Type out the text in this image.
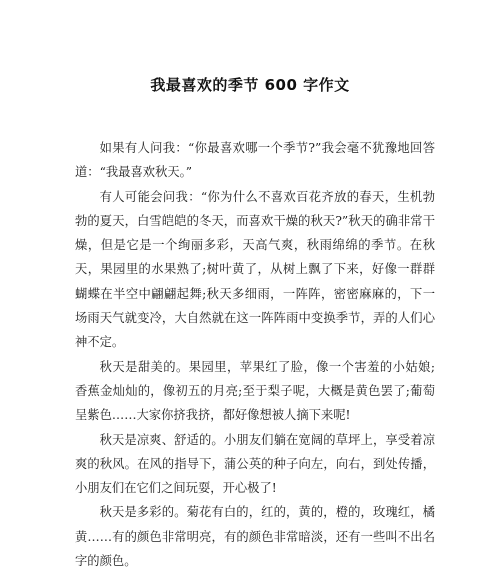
我最喜欢的季节 600 字作文

如果有人问我：“你最喜欢哪一个季节?”我会毫不犹豫地回答道：“我最喜欢秋天。”

有人可能会问我：“你为什么不喜欢百花齐放的春天，生机勃勃的夏天，白雪皑皑的冬天，而喜欢干燥的秋天?”秋天的确非常干燥，但是它是一个绚丽多彩，天高气爽，秋雨绵绵的季节。在秋天，果园里的水果熟了;树叶黄了，从树上飘了下来，好像一群群蝴蝶在半空中翩翩起舞;秋天多细雨，一阵阵，密密麻麻的，下一场雨天气就变冷，大自然就在这一阵阵雨中变换季节，弄的人们心神不定。

秋天是甜美的。果园里，苹果红了脸，像一个害羞的小姑娘;香蕉金灿灿的，像初五的月亮;至于梨子呢，大概是黄色罢了;葡萄呈紫色……大家你挤我挤，都好像想被人摘下来呢!

秋天是凉爽、舒适的。小朋友们躺在宽阔的草坪上，享受着凉爽的秋风。在风的指导下，蒲公英的种子向左，向右，到处传播，小朋友们在它们之间玩耍，开心极了!

秋天是多彩的。菊花有白的，红的，黄的，橙的，玫瑰红，橘黄……有的颜色非常明亮，有的颜色非常暗淡，还有一些叫不出名字的颜色。
